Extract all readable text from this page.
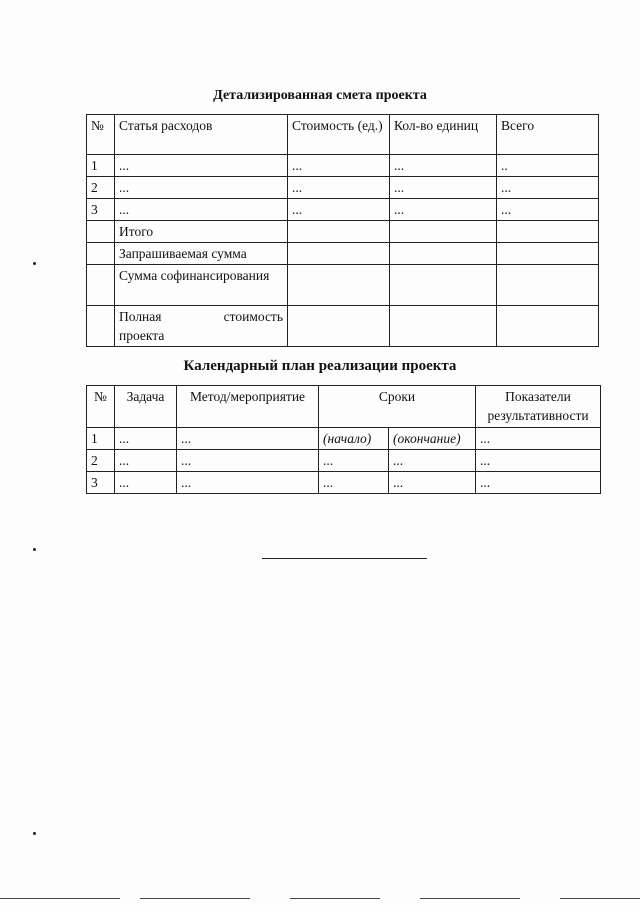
Детализированная смета проекта
№	Статья расходов	Стоимость (ед.)	Кол-во единиц	Всего
1	...	...	...	..
2	...	...	...	...
3	...	...	...	...
	Итого			
	Запрашиваемая сумма			
	Сумма софинансирования			

	Полная стоимость
проекта			

Календарный план реализации проекта
№	Задача	Метод/мероприятие	Сроки		Показатели результативности
1	...	...	(начало)	(окончание)	...
2	...	...	...	...	...
3	...	...	...	...	...
